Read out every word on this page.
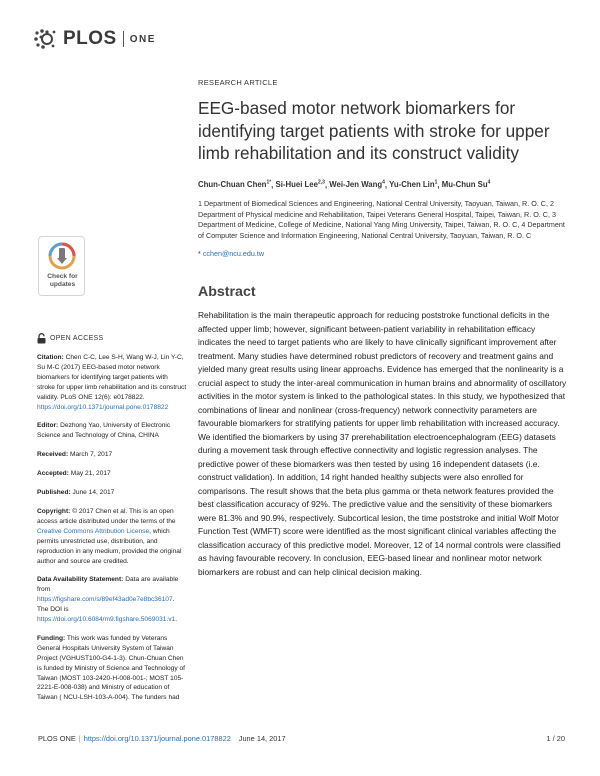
PLOS ONE
RESEARCH ARTICLE
EEG-based motor network biomarkers for identifying target patients with stroke for upper limb rehabilitation and its construct validity
Chun-Chuan Chen$^{1*}$, Si-Huei Lee$^{2,3}$, Wei-Jen Wang$^4$, Yu-Chen Lin$^1$, Mu-Chun Su$^4$
1 Department of Biomedical Sciences and Engineering, National Central University, Taoyuan, Taiwan, R. O. C, 2 Department of Physical medicine and Rehabilitation, Taipei Veterans General Hospital, Taipei, Taiwan, R. O. C, 3 Department of Medicine, College of Medicine, National Yang Ming University, Taipei, Taiwan, R. O. C, 4 Department of Computer Science and Information Engineering, National Central University, Taoyuan, Taiwan, R. O. C
* cchen@ncu.edu.tw
Abstract

Rehabilitation is the main therapeutic approach for reducing poststroke functional deficits in the affected upper limb; however, significant between-patient variability in rehabilitation efficacy indicates the need to target patients who are likely to have clinically significant improvement after treatment. Many studies have determined robust predictors of recovery and treatment gains and yielded many great results using linear approachs. Evidence has emerged that the nonlinearity is a crucial aspect to study the inter-areal communication in human brains and abnormality of oscillatory activities in the motor system is linked to the pathological states. In this study, we hypothesized that combinations of linear and nonlinear (cross-frequency) network connectivity parameters are favourable biomarkers for stratifying patients for upper limb rehabilitation with increased accuracy. We identified the biomarkers by using 37 prerehabilitation electroencephalogram (EEG) datasets during a movement task through effective connectivity and logistic regression analyses. The predictive power of these biomarkers was then tested by using 16 independent datasets (i.e. construct validation). In addition, 14 right handed healthy subjects were also enrolled for comparisons. The result shows that the beta plus gamma or theta network features provided the best classification accuracy of 92%. The predictive value and the sensitivity of these biomarkers were 81.3% and 90.9%, respectively. Subcortical lesion, the time poststroke and initial Wolf Motor Function Test (WMFT) score were identified as the most significant clinical variables affecting the classification accuracy of this predictive model. Moreover, 12 of 14 normal controls were classified as having favourable recovery. In conclusion, EEG-based linear and nonlinear motor network biomarkers are robust and can help clinical decision making.

Check for
updates
OPEN ACCESS
Citation: Chen C-C, Lee S-H, Wang W-J, Lin Y-C, Su M-C (2017) EEG-based motor network biomarkers for identifying target patients with stroke for upper limb rehabilitation and its construct validity. PLoS ONE 12(6): e0178822. https://doi.org/10.1371/journal.pone.0178822
Editor: Dezhong Yao, University of Electronic Science and Technology of China, CHINA
Received: March 7, 2017
Accepted: May 21, 2017
Published: June 14, 2017
Copyright: © 2017 Chen et al. This is an open access article distributed under the terms of the Creative Commons Attribution License, which permits unrestricted use, distribution, and reproduction in any medium, provided the original author and source are credited.
Data Availability Statement: Data are available from https://figshare.com/s/89ef43ad0e7e8bc36107. The DOI is https://doi.org/10.6084/m9.figshare.5069031.v1.
Funding: This work was funded by Veterans General Hospitals University System of Taiwan Project (VGHUST100-G4-1-3). Chun-Chuan Chen is funded by Ministry of Science and Technology of Taiwan (MOST 103-2420-H-008-001-; MOST 105-2221-E-008-038) and Ministry of education of Taiwan ( NCU-LSH-103-A-004). The funders had
PLOS ONE | https://doi.org/10.1371/journal.pone.0178822 | June 14, 2017	1 / 20
